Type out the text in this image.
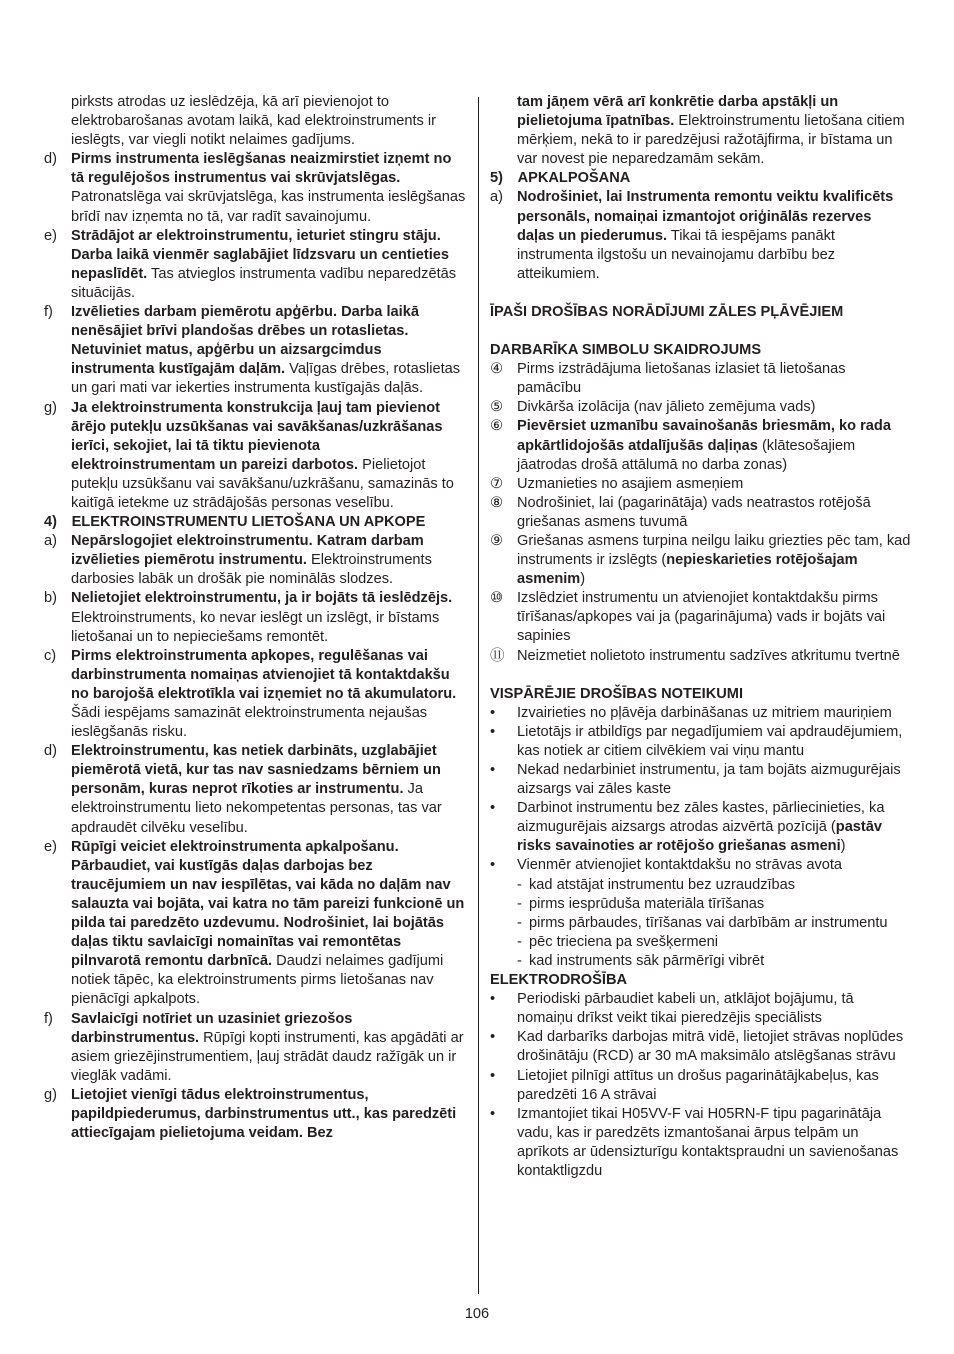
pirksts atrodas uz ieslēdzēja, kā arī pievienojot to elektrobarošanas avotam laikā, kad elektroinstruments ir ieslēgts, var viegli notikt nelaimes gadījums.
d) Pirms instrumenta ieslēgšanas neaizmirstiet izņemt no tā regulējošos instrumentus vai skrūvjatslēgas. Patronatslēga vai skrūvjatslēga, kas instrumenta ieslēgšanas brīdī nav izņemta no tā, var radīt savainojumu.
e) Strādājot ar elektroinstrumentu, ieturiet stingru stāju. Darba laikā vienmēr saglabājiet līdzsvaru un centieties nepaslīdēt. Tas atvieglos instrumenta vadību neparedzētās situācijās.
f)	Izvēlieties darbam piemērotu apģērbu. Darba laikā nenēsājiet brīvi plandošas drēbes un rotaslietas. Netuviniet matus, apģērbu un aizsargcimdus instrumenta kustīgajām daļām. Vaļīgas drēbes, rotaslietas un gari mati var iekerties instrumenta kustīgajās daļās.
g) Ja elektroinstrumenta konstrukcija ļauj tam pievienot ārējo putekļu uzsūkšanas vai savākšanas/uzkrāšanas ierīci, sekojiet, lai tā tiktu pievienota elektroinstrumentam un pareizi darbotos. Pielietojot putekļu uzsūkšanu vai savākšanu/uzkrāšanu, samazinās to kaitīgā ietekme uz strādājošās personas veselību.
4) ELEKTROINSTRUMENTU LIETOŠANA UN APKOPE
a) Nepārslogojiet elektroinstrumentu. Katram darbam izvēlieties piemērotu instrumentu. Elektroinstruments darbosies labāk un drošāk pie nominālās slodzes.
b) Nelietojiet elektroinstrumentu, ja ir bojāts tā ieslēdzējs. Elektroinstruments, ko nevar ieslēgt un izslēgt, ir bīstams lietošanai un to nepieciešams remontēt.
c)	Pirms elektroinstrumenta apkopes, regulēšanas vai darbinstrumenta nomaiņas atvienojiet tā kontaktdakšu no barojošā elektrotīkla vai izņemiet no tā akumulatoru. Šādi iespējams samazināt elektroinstrumenta nejaušas ieslēgšanās risku.
d) Elektroinstrumentu, kas netiek darbināts, uzglabājiet piemērotā vietā, kur tas nav sasniedzams bērniem un personām, kuras neprot rīkoties ar instrumentu. Ja elektroinstrumentu lieto nekompetentas personas, tas var apdraudēt cilvēku veselību.
e) Rūpīgi veiciet elektroinstrumenta apkalpošanu. Pārbaudiet, vai kustīgās daļas darbojas bez traucējumiem un nav iespīlētas, vai kāda no daļām nav salauzta vai bojāta, vai katra no tām pareizi funkcionē un pilda tai paredzēto uzdevumu. Nodrošiniet, lai bojātās daļas tiktu savlaicīgi nomainītas vai remontētas pilnvarotā remontu darbnīcā. Daudzi nelaimes gadījumi notiek tāpēc, ka elektroinstruments pirms lietošanas nav pienācīgi apkalpots.
f)	Savlaicīgi notīriet un uzasiniet griezošos darbinstrumentus. Rūpīgi kopti instrumenti, kas apgādāti ar asiem griezējinstrumentiem, ļauj strādāt daudz ražīgāk un ir vieglāk vadāmi.
g) Lietojiet vienīgi tādus elektroinstrumentus, papildpiederumus, darbinstrumentus utt., kas paredzēti attiecīgajam pielietojuma veidam. Bez
tam jāņem vērā arī konkrētie darba apstākļi un pielietojuma īpatnības. Elektroinstrumentu lietošana citiem mērķiem, nekā to ir paredzējusi ražotājfirma, ir bīstama un var novest pie neparedzamām sekām.
5) APKALPOŠANA
a) Nodrošiniet, lai Instrumenta remontu veiktu kvalificēts personāls, nomaiņai izmantojot oriģinālās rezerves daļas un piederumus. Tikai tā iespējams panākt instrumenta ilgstošu un nevainojamu darbību bez atteikumiem.
ĪPAŠI DROŠĪBAS NORĀDĪJUMI ZĀLES PĻĀVĒJIEM
DARBARĪKA SIMBOLU SKAIDROJUMS
④ Pirms izstrādājuma lietošanas izlasiet tā lietošanas pamācību
⑤ Divkārša izolācija (nav jālieto zemējuma vads)
⑥ Pievērsiet uzmanību savainošanās briesmām, ko rada apkārtlidojošās atdalījušās daļiņas (klātesošajiem jāatrodas drošā attālumā no darba zonas)
⑦ Uzmanieties no asajiem asmeņiem
⑧ Nodrošiniet, lai (pagarinātāja) vads neatrastos rotējošā griešanas asmens tuvumā
⑨ Griešanas asmens turpina neilgu laiku griezties pēc tam, kad instruments ir izslēgts (nepieskarieties rotējošajam asmenim)
⑩ Izslēdziet instrumentu un atvienojiet kontaktdakšu pirms tīrīšanas/apkopes vai ja (pagarinājuma) vads ir bojāts vai sapinies
⑪ Neizmetiet nolietoto instrumentu sadzīves atkritumu tvertnē
VISPĀRĒJIE DROŠĪBAS NOTEIKUMI
•	Izvairieties no pļāvēja darbināšanas uz mitriem mauriņiem
•	Lietotājs ir atbildīgs par negadījumiem vai apdraudējumiem, kas notiek ar citiem cilvēkiem vai viņu mantu
•	Nekad nedarbiniet instrumentu, ja tam bojāts aizmugurējais aizsargs vai zāles kaste
•	Darbinot instrumentu bez zāles kastes, pārliecinieties, ka aizmugurējais aizsargs atrodas aizvērtā pozīcijā (pastāv risks savainoties ar rotējošo griešanas asmeni)
•	Vienmēr atvienojiet kontaktdakšu no strāvas avota
- kad atstājat instrumentu bez uzraudzības
- pirms iesprūduša materiāla tīrīšanas
- pirms pārbaudes, tīrīšanas vai darbībām ar instrumentu
- pēc trieciena pa svešķermeni
- kad instruments sāk pārmērīgi vibrēt
ELEKTRODROŠĪBA
•	Periodiski pārbaudiet kabeli un, atklājot bojājumu, tā nomaiņu drīkst veikt tikai pieredzējis speciālists
•	Kad darbarīks darbojas mitrā vidē, lietojiet strāvas noplūdes drošinātāju (RCD) ar 30 mA maksimālo atslēgšanas strāvu
•	Lietojiet pilnīgi attītus un drošus pagarinātājkabeļus, kas paredzēti 16 A strāvai
•	Izmantojiet tikai H05VV-F vai H05RN-F tipu pagarinātāja vadu, kas ir paredzēts izmantošanai ārpus telpām un aprīkots ar ūdensizturīgu kontaktspraudni un savienošanas kontaktligzdu
106
